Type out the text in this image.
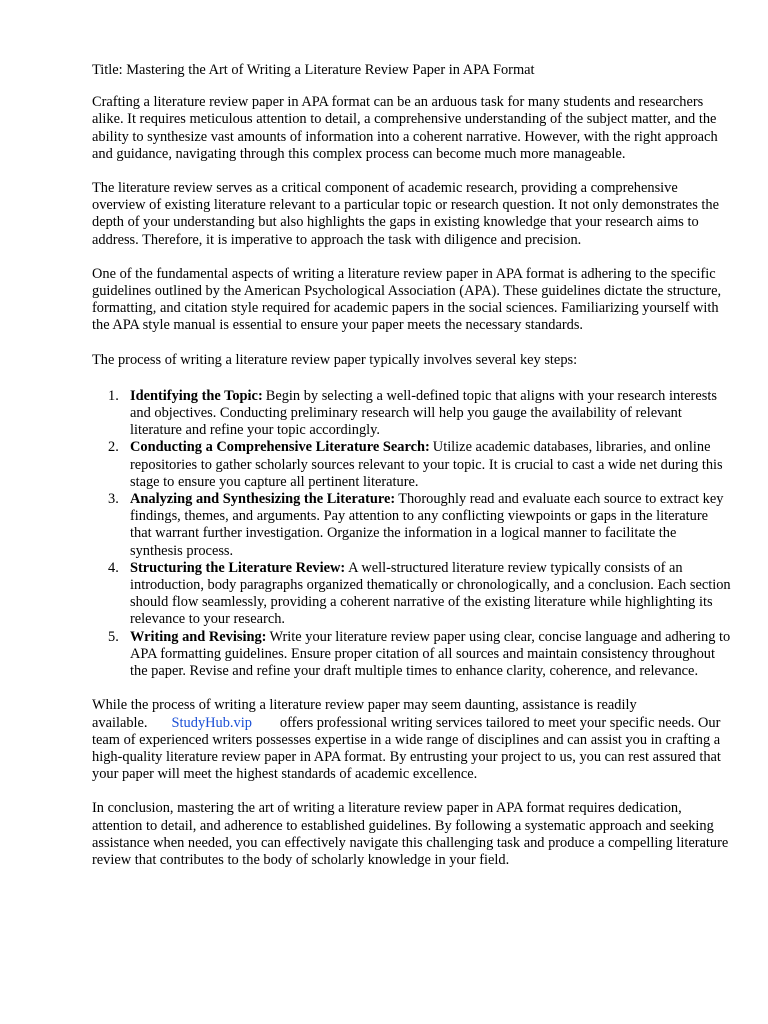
Title: Mastering the Art of Writing a Literature Review Paper in APA Format

Crafting a literature review paper in APA format can be an arduous task for many students and researchers alike. It requires meticulous attention to detail, a comprehensive understanding of the subject matter, and the ability to synthesize vast amounts of information into a coherent narrative. However, with the right approach and guidance, navigating through this complex process can become much more manageable.

The literature review serves as a critical component of academic research, providing a comprehensive overview of existing literature relevant to a particular topic or research question. It not only demonstrates the depth of your understanding but also highlights the gaps in existing knowledge that your research aims to address. Therefore, it is imperative to approach the task with diligence and precision.

One of the fundamental aspects of writing a literature review paper in APA format is adhering to the specific guidelines outlined by the American Psychological Association (APA). These guidelines dictate the structure, formatting, and citation style required for academic papers in the social sciences. Familiarizing yourself with the APA style manual is essential to ensure your paper meets the necessary standards.

The process of writing a literature review paper typically involves several key steps:

1. Identifying the Topic: Begin by selecting a well-defined topic that aligns with your research interests and objectives. Conducting preliminary research will help you gauge the availability of relevant literature and refine your topic accordingly.
2. Conducting a Comprehensive Literature Search: Utilize academic databases, libraries, and online repositories to gather scholarly sources relevant to your topic. It is crucial to cast a wide net during this stage to ensure you capture all pertinent literature.
3. Analyzing and Synthesizing the Literature: Thoroughly read and evaluate each source to extract key findings, themes, and arguments. Pay attention to any conflicting viewpoints or gaps in the literature that warrant further investigation. Organize the information in a logical manner to facilitate the synthesis process.
4. Structuring the Literature Review: A well-structured literature review typically consists of an introduction, body paragraphs organized thematically or chronologically, and a conclusion. Each section should flow seamlessly, providing a coherent narrative of the existing literature while highlighting its relevance to your research.
5. Writing and Revising: Write your literature review paper using clear, concise language and adhering to APA formatting guidelines. Ensure proper citation of all sources and maintain consistency throughout the paper. Revise and refine your draft multiple times to enhance clarity, coherence, and relevance.

While the process of writing a literature review paper may seem daunting, assistance is readily available. StudyHub.vip offers professional writing services tailored to meet your specific needs. Our team of experienced writers possesses expertise in a wide range of disciplines and can assist you in crafting a high-quality literature review paper in APA format. By entrusting your project to us, you can rest assured that your paper will meet the highest standards of academic excellence.

In conclusion, mastering the art of writing a literature review paper in APA format requires dedication, attention to detail, and adherence to established guidelines. By following a systematic approach and seeking assistance when needed, you can effectively navigate this challenging task and produce a compelling literature review that contributes to the body of scholarly knowledge in your field.
